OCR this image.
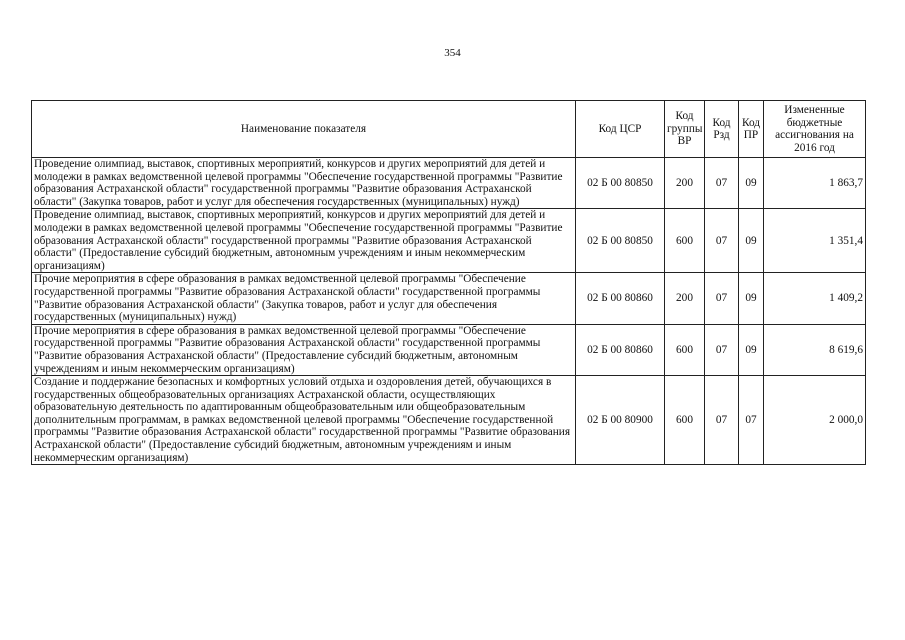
354
Наименование показателя	Код ЦСР	Код группы ВР	Код Рзд	Код ПР	Измененные бюджетные ассигнования на 2016 год
Проведение олимпиад, выставок, спортивных мероприятий, конкурсов и других мероприятий для детей и молодежи в рамках ведомственной целевой программы "Обеспечение государственной программы "Развитие образования Астраханской области" государственной программы "Развитие образования Астраханской области" (Закупка товаров, работ и услуг для обеспечения государственных (муниципальных) нужд)	02 Б 00 80850	200	07	09	1 863,7
Проведение олимпиад, выставок, спортивных мероприятий, конкурсов и других мероприятий для детей и молодежи в рамках ведомственной целевой программы "Обеспечение государственной программы "Развитие образования Астраханской области" государственной программы "Развитие образования Астраханской области" (Предоставление субсидий бюджетным, автономным учреждениям и иным некоммерческим организациям)	02 Б 00 80850	600	07	09	1 351,4
Прочие мероприятия в сфере образования в рамках ведомственной целевой программы "Обеспечение государственной программы "Развитие образования Астраханской области" государственной программы "Развитие образования Астраханской области" (Закупка товаров, работ и услуг для обеспечения государственных (муниципальных) нужд)	02 Б 00 80860	200	07	09	1 409,2
Прочие мероприятия в сфере образования в рамках ведомственной целевой программы "Обеспечение государственной программы "Развитие образования Астраханской области" государственной программы "Развитие образования Астраханской области" (Предоставление субсидий бюджетным, автономным учреждениям и иным некоммерческим организациям)	02 Б 00 80860	600	07	09	8 619,6
Создание и поддержание безопасных и комфортных условий отдыха и оздоровления детей, обучающихся в государственных общеобразовательных организациях Астраханской области, осуществляющих образовательную деятельность по адаптированным общеобразовательным или общеобразовательным дополнительным программам, в рамках ведомственной целевой программы "Обеспечение государственной программы "Развитие образования Астраханской области" государственной программы "Развитие образования Астраханской области" (Предоставление субсидий бюджетным, автономным учреждениям и иным некоммерческим организациям)	02 Б 00 80900	600	07	07	2 000,0
